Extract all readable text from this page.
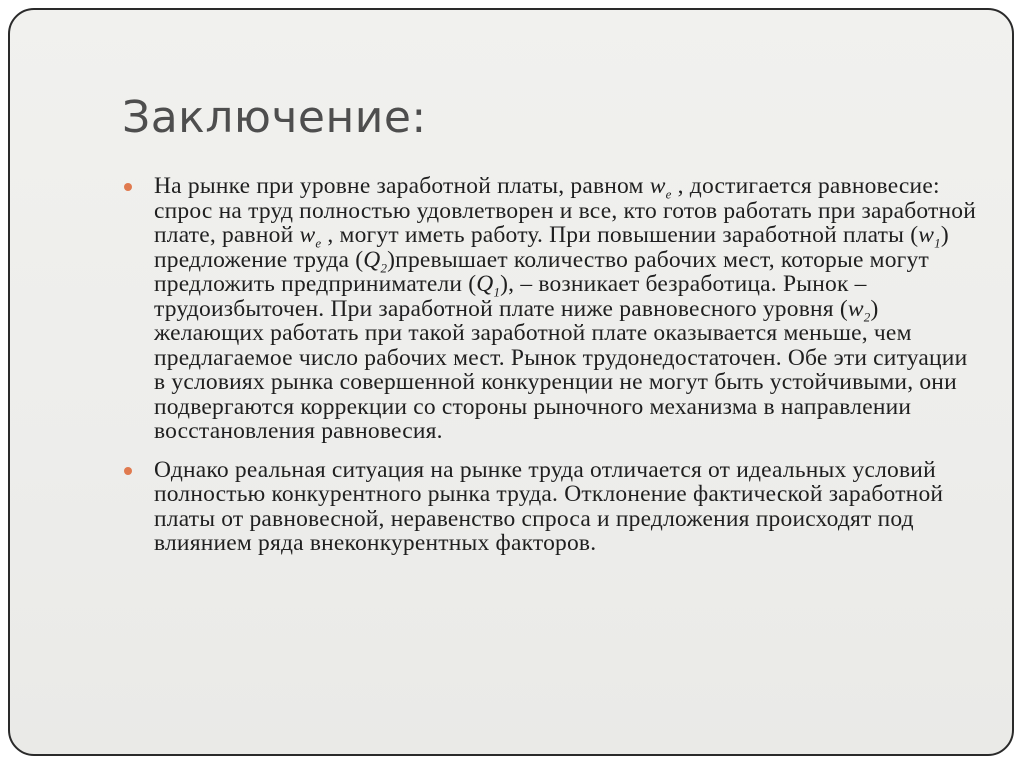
Заключение:
На рынке при уровне заработной платы, равном $w_e$ , достигается равновесие: спрос на труд полностью удовлетворен и все, кто готов работать при заработной плате, равной $w_e$ , могут иметь работу. При повышении заработной платы $(w_1)$ предложение труда $(Q_2)превышает$ количество рабочих мест, которые могут предложить предприниматели $(Q_1)$, – возникает безработица. Рынок – трудоизбыточен. При заработной плате ниже равновесного уровня $(w_2)$ желающих работать при такой заработной плате оказывается меньше, чем предлагаемое число рабочих мест. Рынок трудонедостаточен. Обе эти ситуации в условиях рынка совершенной конкуренции не могут быть устойчивыми, они подвергаются коррекции со стороны рыночного механизма в направлении восстановления равновесия.
Однако реальная ситуация на рынке труда отличается от идеальных условий полностью конкурентного рынка труда. Отклонение фактической заработной платы от равновесной, неравенство спроса и предложения происходят под влиянием ряда внеконкурентных факторов.
